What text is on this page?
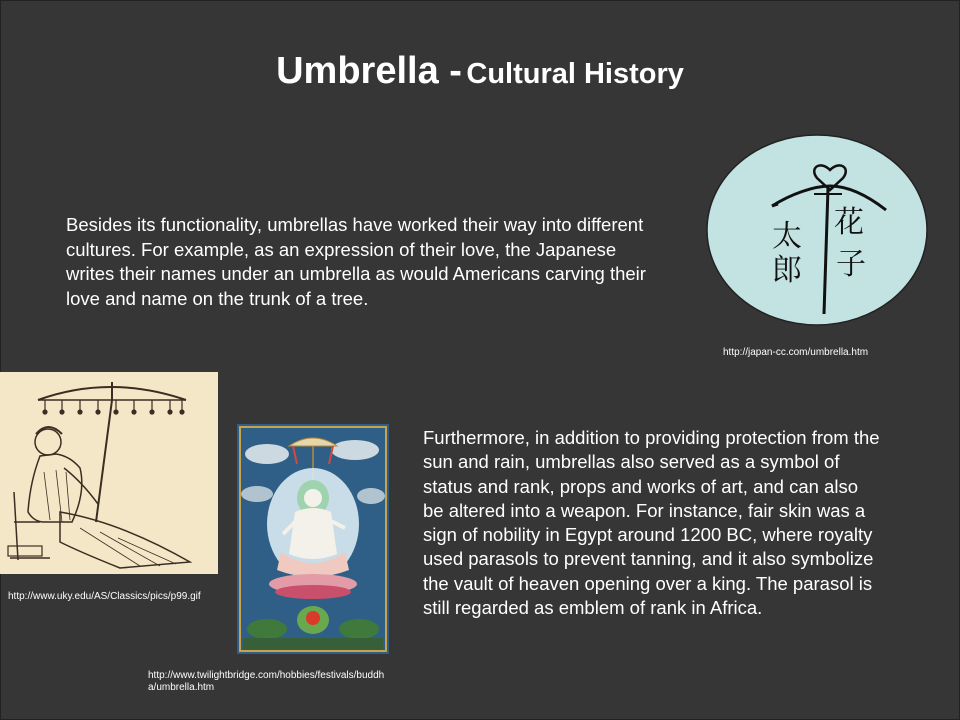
Umbrella - Cultural History
Besides its functionality, umbrellas have worked their way into different cultures. For example, as an expression of their love, the Japanese writes their names under an umbrella as would Americans carving their love and name on the trunk of a tree.
太
郎
花
子
http://japan-cc.com/umbrella.htm
http://www.uky.edu/AS/Classics/pics/p99.gif
http://www.twilightbridge.com/hobbies/festivals/buddha/umbrella.htm
Furthermore, in addition to providing protection from the sun and rain, umbrellas also served as a symbol of status and rank, props and works of art, and can also be altered into a weapon. For instance, fair skin was a sign of nobility in Egypt around 1200 BC, where royalty used parasols to prevent tanning, and it also symbolize the vault of heaven opening over a king. The parasol is still regarded as emblem of rank in Africa.
